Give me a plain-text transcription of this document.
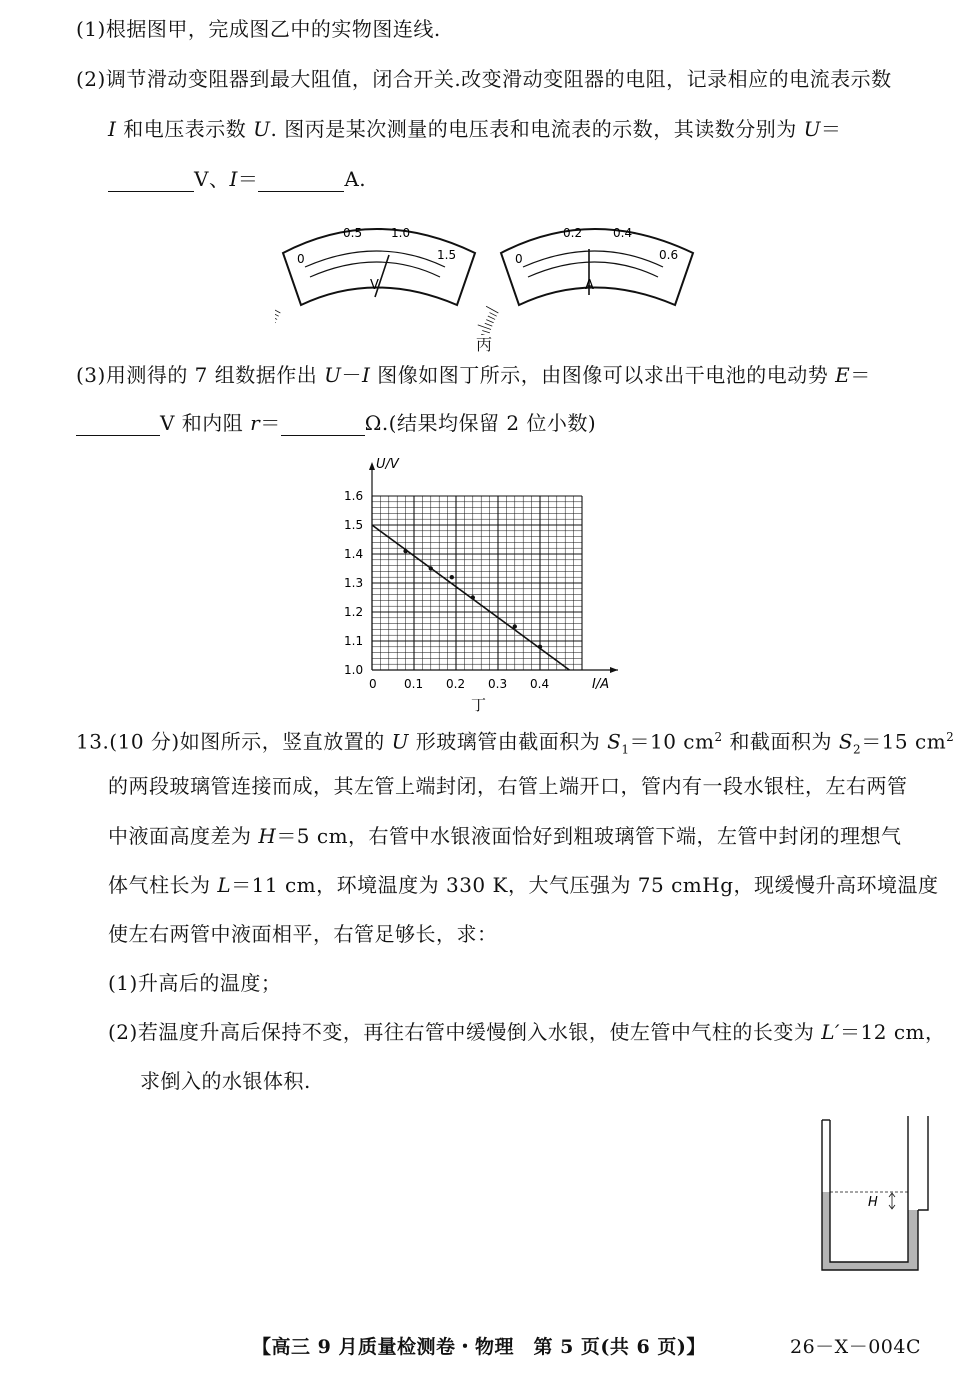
(1)根据图甲，完成图乙中的实物图连线.
(2)调节滑动变阻器到最大阻值，闭合开关.改变滑动变阻器的电阻，记录相应的电流表示数
I 和电压表示数 U. 图丙是某次测量的电压表和电流表的示数，其读数分别为 U＝
V、I＝	A.
0
0.5 1.0
1.5
V
0
0.2	0.4
0.6
A
丙
(3)用测得的 7 组数据作出 U－I 图像如图丁所示，由图像可以求出干电池的电动势 E＝
V 和内阻 r＝	Ω.(结果均保留 2 位小数)
0 0.1 0.2 0.3 0.4
1.0
1.1
1.2
1.3
1.4
1.5
1.6
U/V
I/A
丁
13.(10 分)如图所示，竖直放置的 U 形玻璃管由截面积为 $S_1=10$ $cm^2$ 和截面积为 $S_2=15$ $cm^2$
的两段玻璃管连接而成，其左管上端封闭，右管上端开口，管内有一段水银柱，左右两管
中液面高度差为 H＝5 cm，右管中水银液面恰好到粗玻璃管下端，左管中封闭的理想气
体气柱长为 L＝11 cm，环境温度为 330 K，大气压强为 75 cmHg，现缓慢升高环境温度
使左右两管中液面相平，右管足够长，求：
(1)升高后的温度；
(2)若温度升高后保持不变，再往右管中缓慢倒入水银，使左管中气柱的长变为 L′＝12 cm，
求倒入的水银体积.
H
【高三 9 月质量检测卷・物理　第 5 页(共 6 页)】	26－X－004C
